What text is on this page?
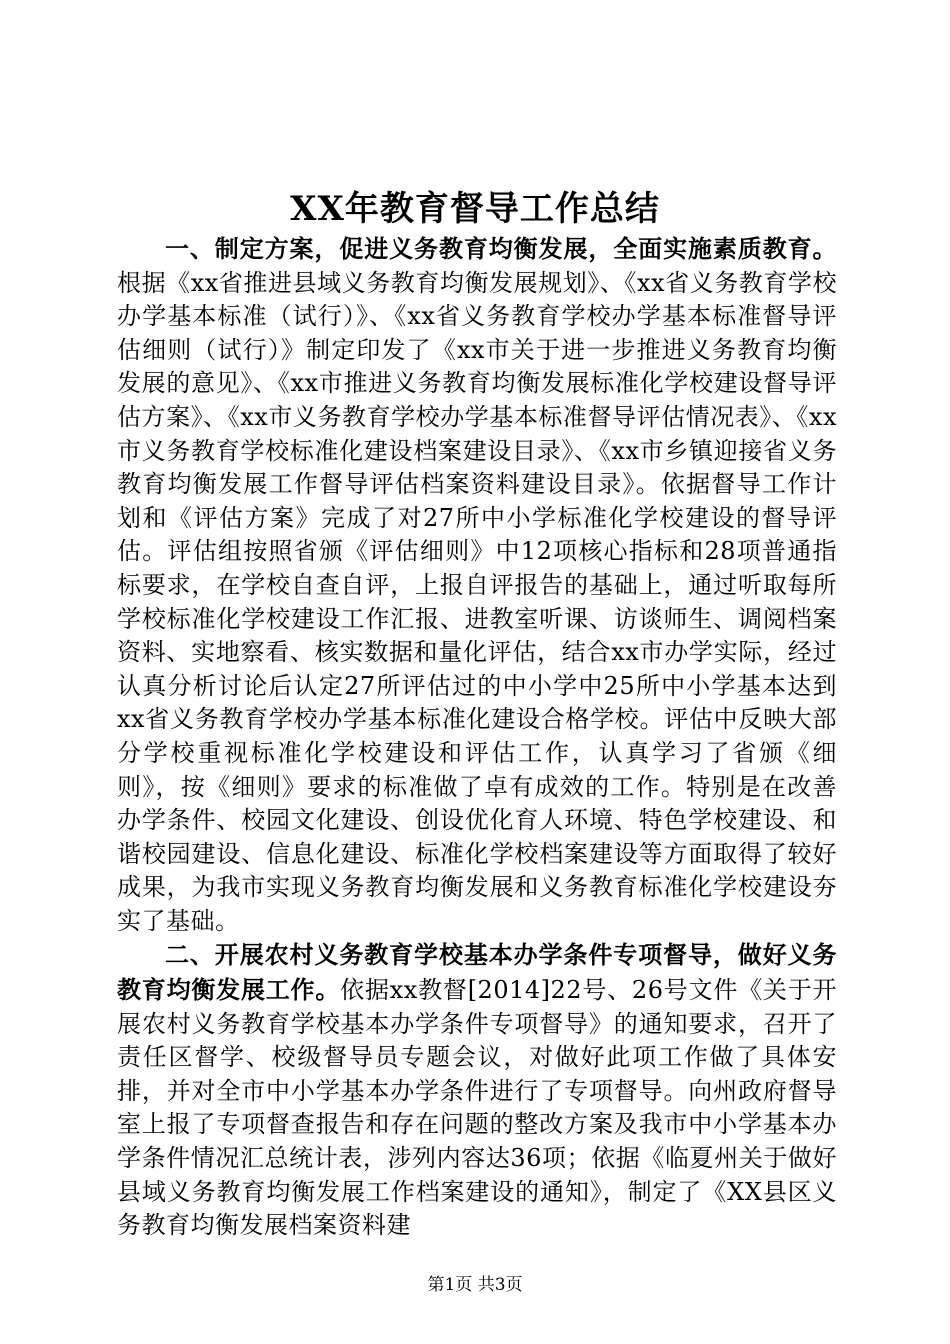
XX年教育督导工作总结

一、制定方案，促进义务教育均衡发展，全面实施素质教育。根据《xx省推进县域义务教育均衡发展规划》、《xx省义务教育学校办学基本标准（试行）》、《xx省义务教育学校办学基本标准督导评估细则（试行）》制定印发了《xx市关于进一步推进义务教育均衡发展的意见》、《xx市推进义务教育均衡发展标准化学校建设督导评估方案》、《xx市义务教育学校办学基本标准督导评估情况表》、《xx市义务教育学校标准化建设档案建设目录》、《xx市乡镇迎接省义务教育均衡发展工作督导评估档案资料建设目录》。依据督导工作计划和《评估方案》完成了对27所中小学标准化学校建设的督导评估。评估组按照省颁《评估细则》中12项核心指标和28项普通指标要求，在学校自查自评，上报自评报告的基础上，通过听取每所学校标准化学校建设工作汇报、进教室听课、访谈师生、调阅档案资料、实地察看、核实数据和量化评估，结合xx市办学实际，经过认真分析讨论后认定27所评估过的中小学中25所中小学基本达到xx省义务教育学校办学基本标准化建设合格学校。评估中反映大部分学校重视标准化学校建设和评估工作，认真学习了省颁《细则》，按《细则》要求的标准做了卓有成效的工作。特别是在改善办学条件、校园文化建设、创设优化育人环境、特色学校建设、和谐校园建设、信息化建设、标准化学校档案建设等方面取得了较好成果，为我市实现义务教育均衡发展和义务教育标准化学校建设夯实了基础。

二、开展农村义务教育学校基本办学条件专项督导，做好义务教育均衡发展工作。依据xx教督[2014]22号、26号文件《关于开展农村义务教育学校基本办学条件专项督导》的通知要求，召开了责任区督学、校级督导员专题会议，对做好此项工作做了具体安排，并对全市中小学基本办学条件进行了专项督导。向州政府督导室上报了专项督查报告和存在问题的整改方案及我市中小学基本办学条件情况汇总统计表，涉列内容达36项；依据《临夏州关于做好县域义务教育均衡发展工作档案建设的通知》，制定了《XX县区义务教育均衡发展档案资料建

第1页 共3页
